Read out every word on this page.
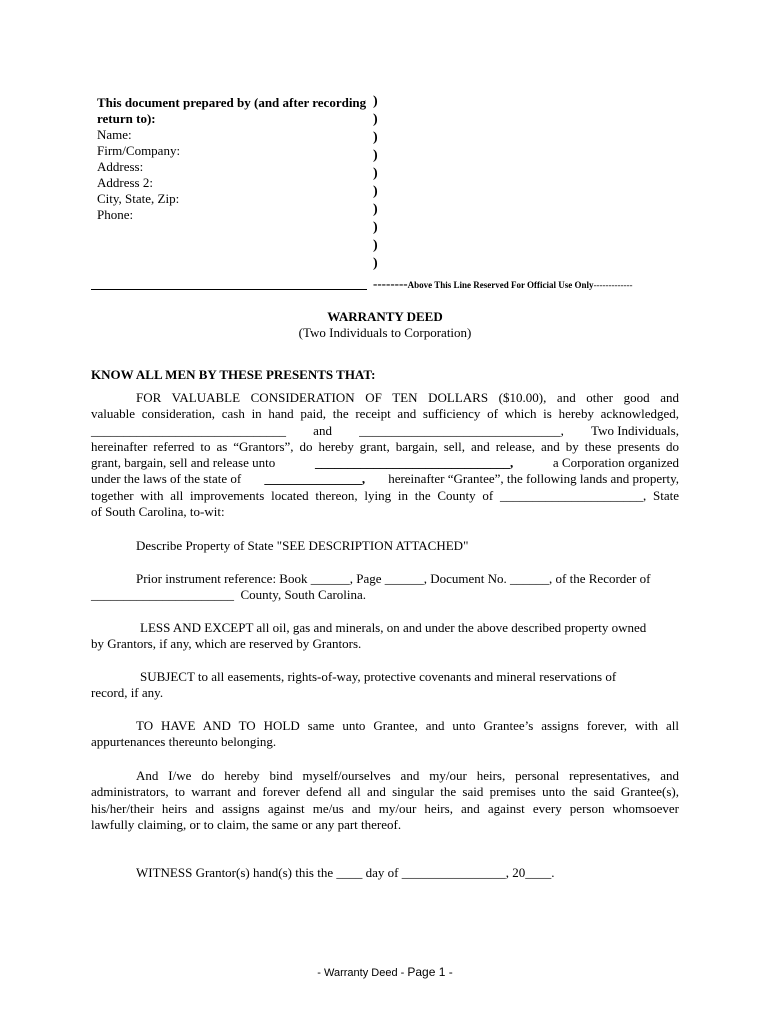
This document prepared by (and after recording
return to):
Name:
Firm/Company:
Address:
Address 2:
City, State, Zip:
Phone:
)
)
)
)
)
)
)
)
)
)
--------Above This Line Reserved For Official Use Only-------------
WARRANTY DEED
(Two Individuals to Corporation)
KNOW ALL MEN BY THESE PRESENTS THAT:
FOR VALUABLE CONSIDERATION OF TEN DOLLARS ($10.00), and other good and
valuable consideration, cash in hand paid, the receipt and sufficiency of which is hereby acknowledged,
______________________________ and _______________________________, Two Individuals,
hereinafter referred to as “Grantors”, do hereby grant, bargain, sell, and release, and by these presents do
grant, bargain, sell and release unto	______________________________,	a Corporation organized
under the laws of the state of _______________, hereinafter “Grantee”, the following lands and property,
together with all improvements located thereon, lying in the County of ______________________, State
of South Carolina, to-wit:
Describe Property of State "SEE DESCRIPTION ATTACHED"
Prior instrument reference: Book ______, Page ______, Document No. ______, of the Recorder of
______________________  County, South Carolina.
LESS AND EXCEPT all oil, gas and minerals, on and under the above described property owned
by Grantors, if any, which are reserved by Grantors.
SUBJECT to all easements, rights-of-way, protective covenants and mineral reservations of
record, if any.
TO HAVE AND TO HOLD same unto Grantee, and unto Grantee’s assigns forever, with all
appurtenances thereunto belonging.
And I/we do hereby bind myself/ourselves and my/our heirs, personal representatives, and
administrators, to warrant and forever defend all and singular the said premises unto the said Grantee(s),
his/her/their heirs and assigns against me/us and my/our heirs, and against every person whomsoever
lawfully claiming, or to claim, the same or any part thereof.
WITNESS Grantor(s) hand(s) this the ____ day of ________________, 20____.
- Warranty Deed - Page 1 -
